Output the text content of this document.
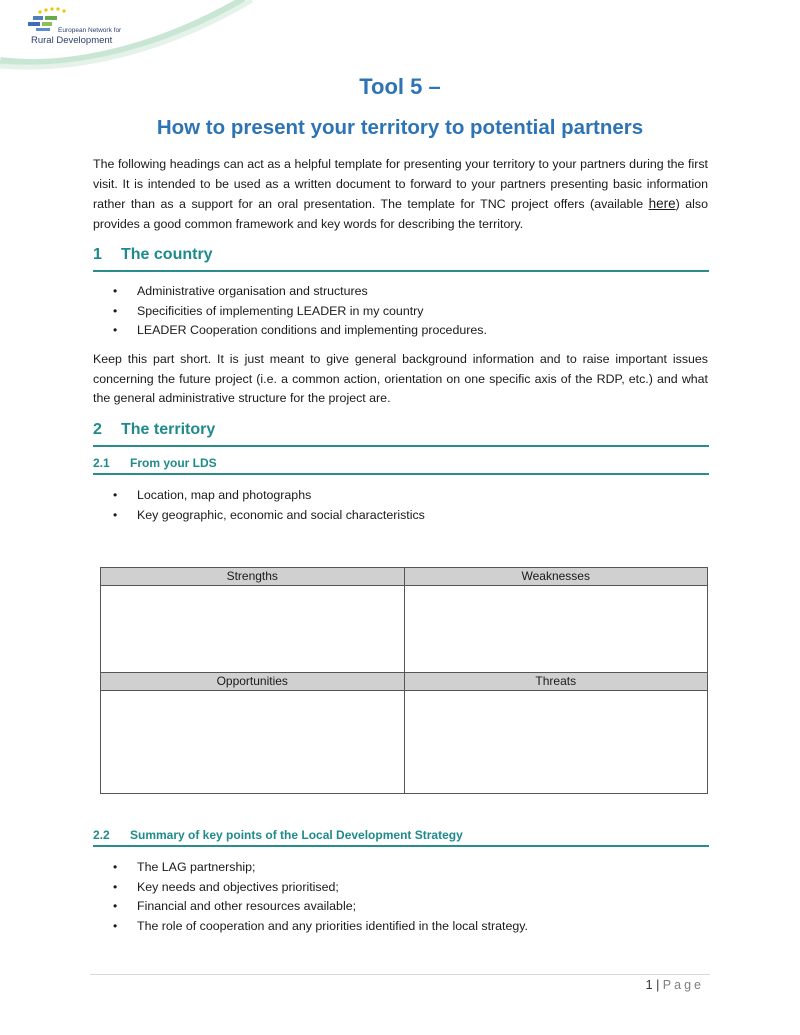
European Network for
Rural Development
Tool 5 –
How to present your territory to potential partners
The following headings can act as a helpful template for presenting your territory to your partners during the first visit. It is intended to be used as a written document to forward to your partners presenting basic information rather than as a support for an oral presentation. The template for TNC project offers (available here) also provides a good common framework and key words for describing the territory.
1 The country
• Administrative organisation and structures
• Specificities of implementing LEADER in my country
• LEADER Cooperation conditions and implementing procedures.
Keep this part short. It is just meant to give general background information and to raise important issues concerning the future project (i.e. a common action, orientation on one specific axis of the RDP, etc.) and what the general administrative structure for the project are.
2 The territory
2.1 From your LDS
• Location, map and photographs
• Key geographic, economic and social characteristics
Strengths	Weaknesses

Opportunities	Threats

2.2 Summary of key points of the Local Development Strategy
• The LAG partnership;
• Key needs and objectives prioritised;
• Financial and other resources available;
• The role of cooperation and any priorities identified in the local strategy.
1 | Page
